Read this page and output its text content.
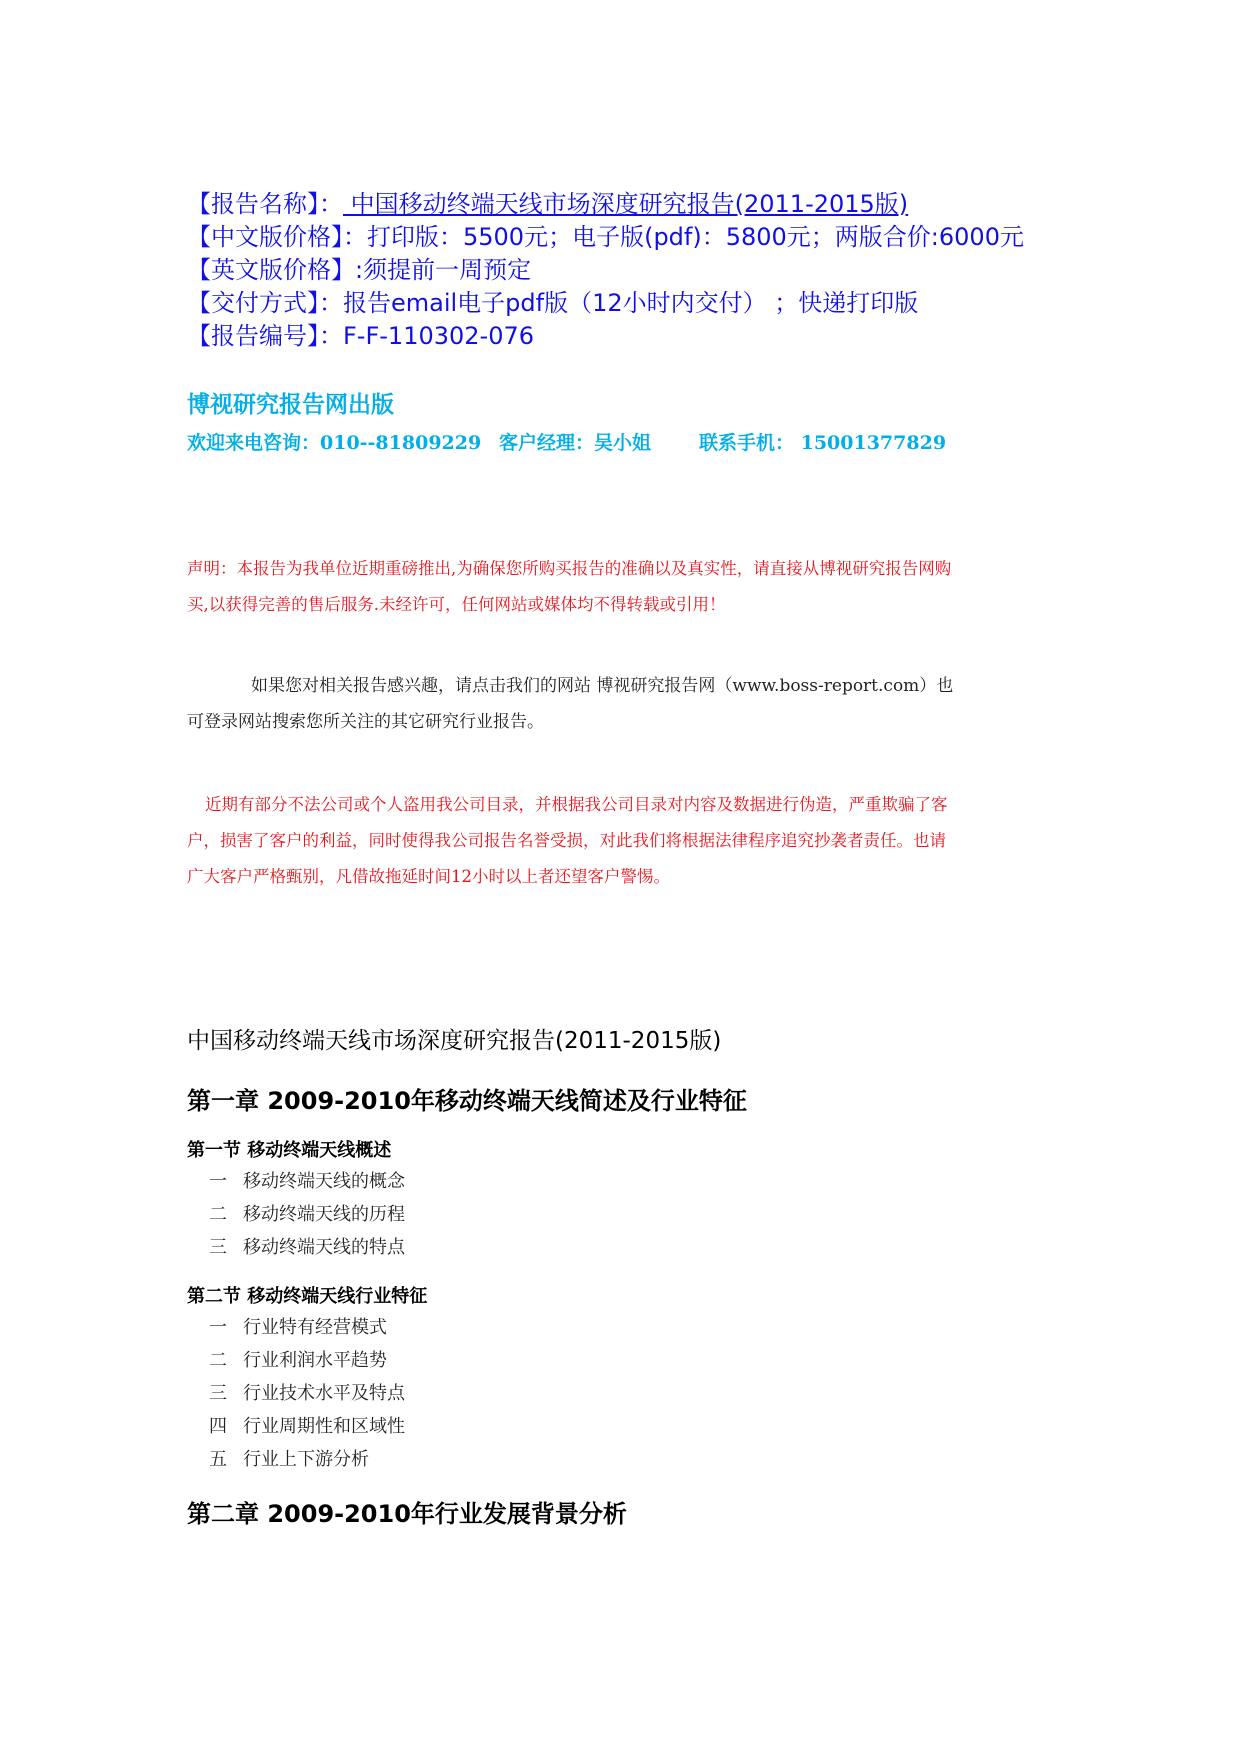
【报告名称】： 中国移动终端天线市场深度研究报告(2011-2015版)
【中文版价格】：打印版：5500元；电子版(pdf)：5800元；两版合价:6000元
【英文版价格】:须提前一周预定
【交付方式】：报告email电子pdf版（12小时内交付） ；快递打印版
【报告编号】：F-F-110302-076
博视研究报告网出版
欢迎来电咨询：010--81809229 客户经理：吴小姐	联系手机： 15001377829

声明：本报告为我单位近期重磅推出,为确保您所购买报告的准确以及真实性，请直接从博视研究报告网购

买,以获得完善的售后服务.未经许可，任何网站或媒体均不得转载或引用！

如果您对相关报告感兴趣，请点击我们的网站 博视研究报告网（www.boss-report.com）也

可登录网站搜索您所关注的其它研究行业报告。

近期有部分不法公司或个人盗用我公司目录，并根据我公司目录对内容及数据进行伪造，严重欺骗了客

户，损害了客户的利益，同时使得我公司报告名誉受损，对此我们将根据法律程序追究抄袭者责任。也请

广大客户严格甄别，凡借故拖延时间12小时以上者还望客户警惕。

中国移动终端天线市场深度研究报告(2011-2015版)
第一章 2009-2010年移动终端天线简述及行业特征
第一节 移动终端天线概述
一 移动终端天线的概念
二 移动终端天线的历程
三 移动终端天线的特点
第二节 移动终端天线行业特征
一 行业特有经营模式
二 行业利润水平趋势
三 行业技术水平及特点
四 行业周期性和区域性
五 行业上下游分析
第二章 2009-2010年行业发展背景分析
